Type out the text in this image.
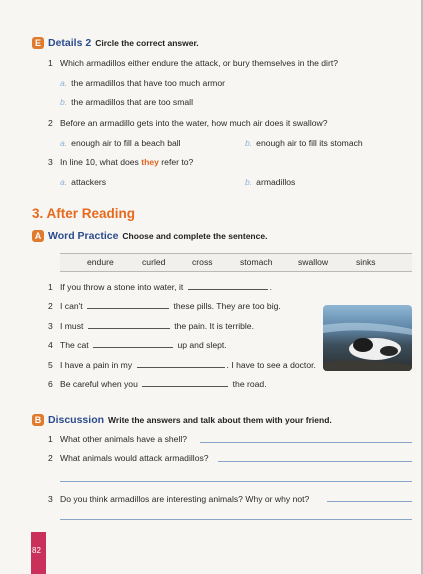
E Details 2 Circle the correct answer.
1 Which armadillos either endure the attack, or bury themselves in the dirt?
a. the armadillos that have too much armor
b. the armadillos that are too small
2 Before an armadillo gets into the water, how much air does it swallow?
a. enough air to fill a beach ball	b. enough air to fill its stomach
3 In line 10, what does they refer to?
a. attackers	b. armadillos
3. After Reading
A Word Practice Choose and complete the sentence.
endure	curled	cross	stomach	swallow	sinks
1 If you throw a stone into water, it	.
2 I can't	these pills. They are too big.
3 I must	the pain. It is terrible.
4 The cat	up and slept.
5 I have a pain in my	. I have to see a doctor.
6 Be careful when you	the road.
B Discussion Write the answers and talk about them with your friend.
1 What other animals have a shell?
2 What animals would attack armadillos?
3 Do you think armadillos are interesting animals? Why or why not?
82
